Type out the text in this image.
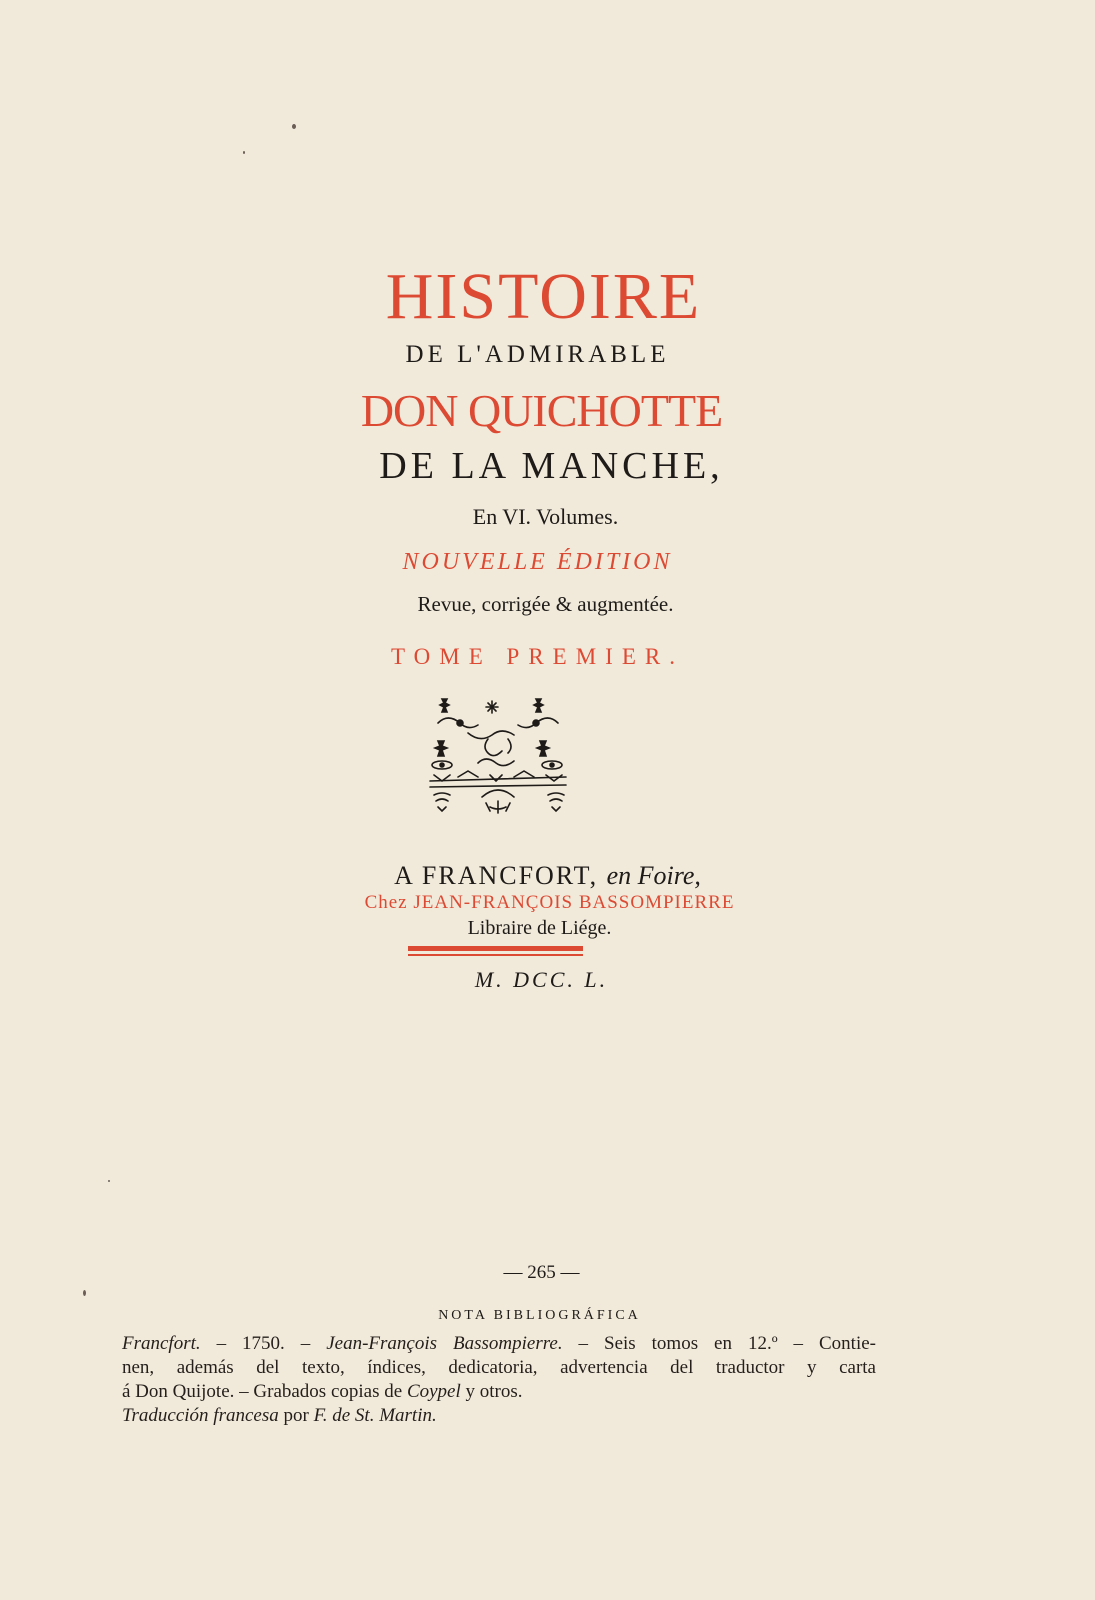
HISTOIRE
DE L'ADMIRABLE
DON QUICHOTTE
DE LA MANCHE,
En VI. Volumes.
NOUVELLE ÉDITION
Revue, corrigée & augmentée.
TOME PREMIER.
A FRANCFORT, en Foire,
Chez JEAN-FRANÇOIS BASSOMPIERRE
Libraire de Liége.
M. DCC. L.
— 265 —
NOTA BIBLIOGRÁFICA
Francfort. – 1750. – Jean-François Bassompierre. – Seis tomos en 12.º – Contie-
nen, además del texto, índices, dedicatoria, advertencia del traductor y carta
á Don Quijote. – Grabados copias de Coypel y otros.
Traducción francesa por F. de St. Martin.
